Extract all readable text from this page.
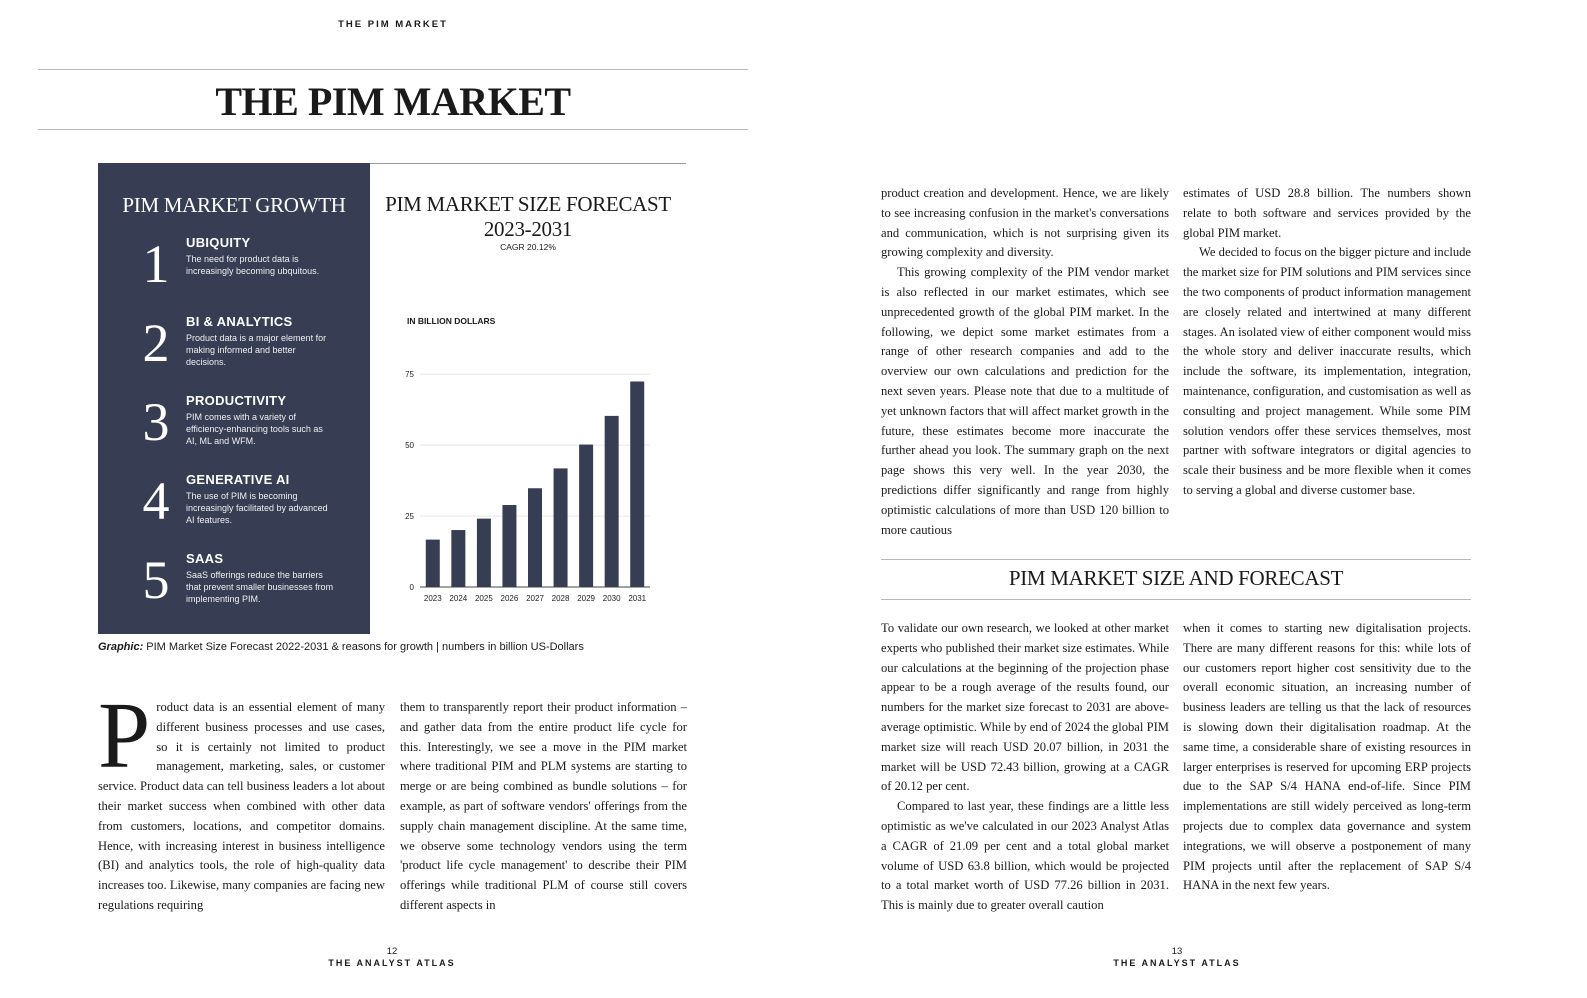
THE PIM MARKET
THE PIM MARKET
PIM MARKET GROWTH
1	UBIQUITY
The need for product data is increasingly becoming ubquitous.
2	BI & ANALYTICS
Product data is a major element for making informed and better decisions.
3	PRODUCTIVITY
PIM comes with a variety of efficiency-enhancing tools such as AI, ML and WFM.
4	GENERATIVE AI
The use of PIM is becoming increasingly facilitated by advanced AI features.
5	SAAS
SaaS offerings reduce the barriers that prevent smaller businesses from implementing PIM.
PIM MARKET SIZE FORECAST
2023-2031
CAGR 20.12%
IN BILLION DOLLARS
0
25
50
75
2023 2024 2025 2026 2027 2028 2029 2030 2031
Graphic: PIM Market Size Forecast 2022-2031 & reasons for growth | numbers in billion US-Dollars

Product data is an essential element of many different business processes and use cases, so it is certainly not limited to product management, marketing, sales, or customer service. Product data can tell business leaders a lot about their market success when combined with other data from customers, locations, and competitor domains. Hence, with increasing interest in business intelligence (BI) and analytics tools, the role of high-quality data increases too. Likewise, many companies are facing new regulations requiring

them to transparently report their product information – and gather data from the entire product life cycle for this. Interestingly, we see a move in the PIM market where traditional PIM and PLM systems are starting to merge or are being combined as bundle solutions – for example, as part of software vendors' offerings from the supply chain management discipline. At the same time, we observe some technology vendors using the term 'product life cycle management' to describe their PIM offerings while traditional PLM of course still covers different aspects in

12
THE ANALYST ATLAS

product creation and development. Hence, we are likely to see increasing confusion in the market's conversations and communication, which is not surprising given its growing complexity and diversity.

This growing complexity of the PIM vendor market is also reflected in our market estimates, which see unprecedented growth of the global PIM market. In the following, we depict some market estimates from a range of other research companies and add to the overview our own calculations and prediction for the next seven years. Please note that due to a multitude of yet unknown factors that will affect market growth in the future, these estimates become more inaccurate the further ahead you look. The summary graph on the next page shows this very well. In the year 2030, the predictions differ significantly and range from highly optimistic calculations of more than USD 120 billion to more cautious

estimates of USD 28.8 billion. The numbers shown relate to both software and services provided by the global PIM market.

We decided to focus on the bigger picture and include the market size for PIM solutions and PIM services since the two components of product information management are closely related and intertwined at many different stages. An isolated view of either component would miss the whole story and deliver inaccurate results, which include the software, its implementation, integration, maintenance, configuration, and customisation as well as consulting and project management. While some PIM solution vendors offer these services themselves, most partner with software integrators or digital agencies to scale their business and be more flexible when it comes to serving a global and diverse customer base.

PIM MARKET SIZE AND FORECAST

To validate our own research, we looked at other market experts who published their market size estimates. While our calculations at the beginning of the projection phase appear to be a rough average of the results found, our numbers for the market size forecast to 2031 are above-average optimistic. While by end of 2024 the global PIM market size will reach USD 20.07 billion, in 2031 the market will be USD 72.43 billion, growing at a CAGR of 20.12 per cent.

Compared to last year, these findings are a little less optimistic as we've calculated in our 2023 Analyst Atlas a CAGR of 21.09 per cent and a total global market volume of USD 63.8 billion, which would be projected to a total market worth of USD 77.26 billion in 2031. This is mainly due to greater overall caution

when it comes to starting new digitalisation projects. There are many different reasons for this: while lots of our customers report higher cost sensitivity due to the overall economic situation, an increasing number of business leaders are telling us that the lack of resources is slowing down their digitalisation roadmap. At the same time, a considerable share of existing resources in larger enterprises is reserved for upcoming ERP projects due to the SAP S/4 HANA end-of-life. Since PIM implementations are still widely perceived as long-term projects due to complex data governance and system integrations, we will observe a postponement of many PIM projects until after the replacement of SAP S/4 HANA in the next few years.

13
THE ANALYST ATLAS
